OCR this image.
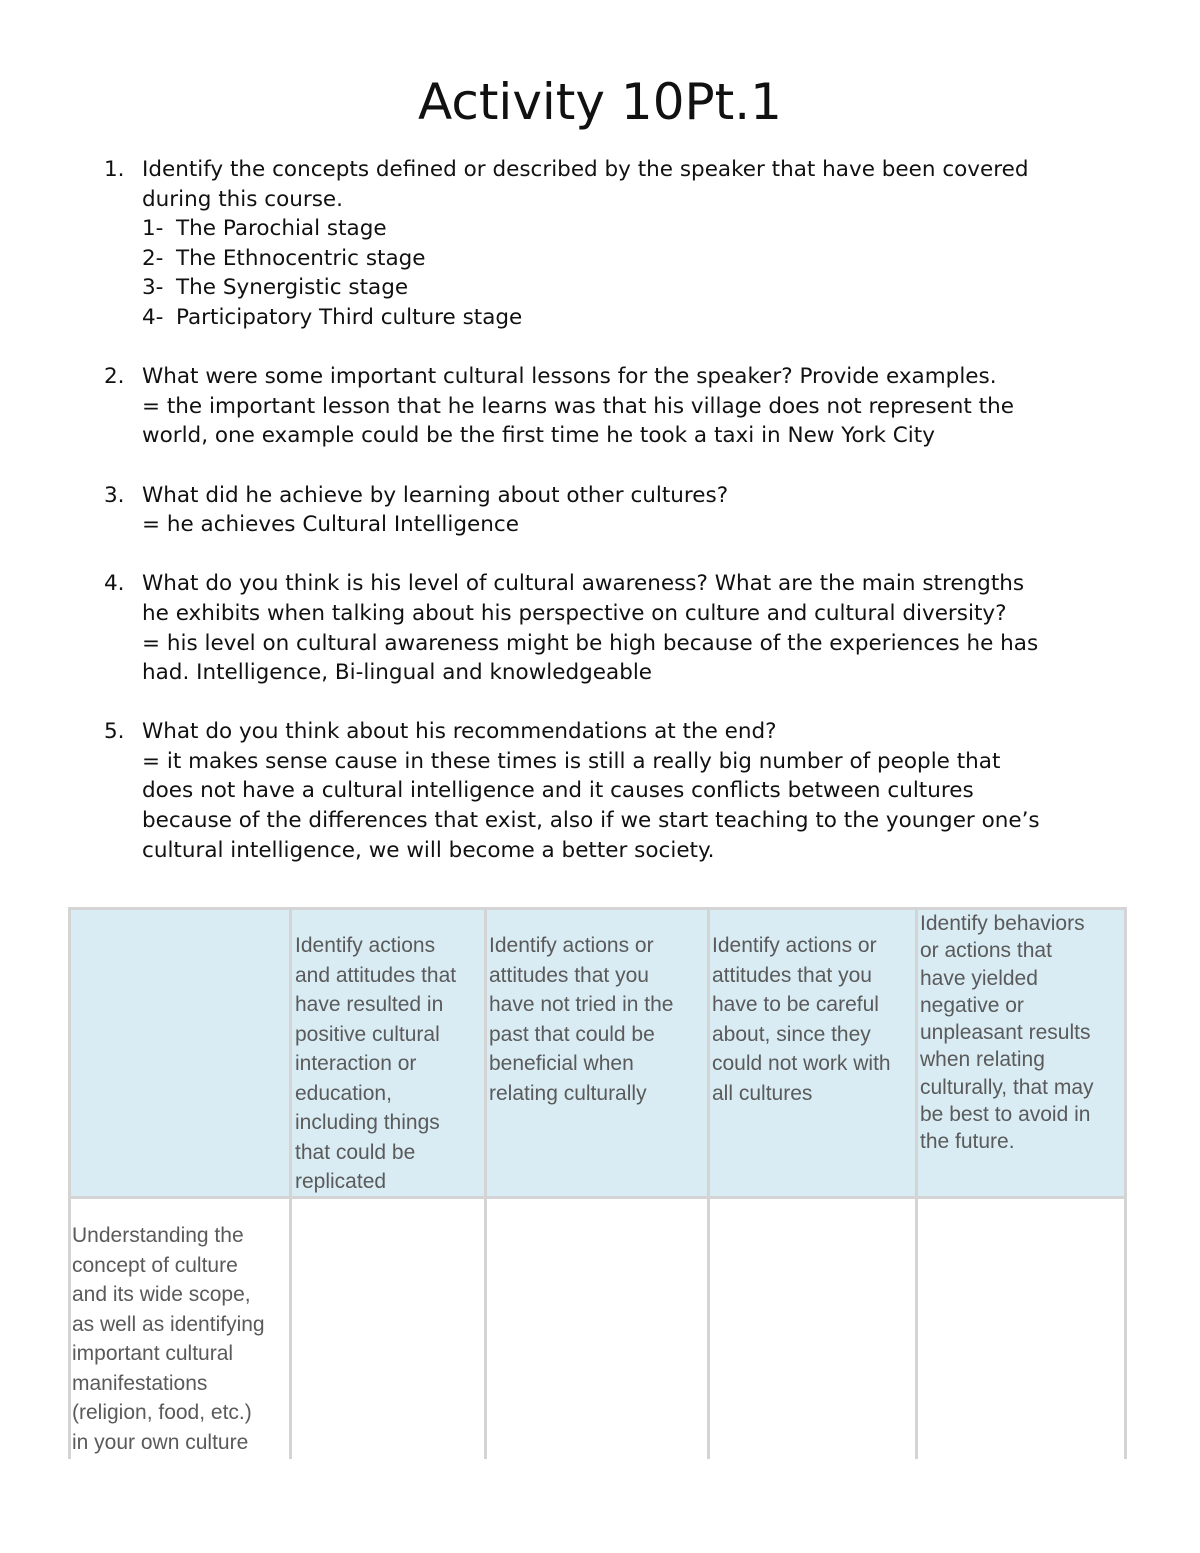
Activity 10Pt.1
1. Identify the concepts defined or described by the speaker that have been covered
during this course.
1- The Parochial stage
2- The Ethnocentric stage
3- The Synergistic stage
4- Participatory Third culture stage
2. What were some important cultural lessons for the speaker? Provide examples.
= the important lesson that he learns was that his village does not represent the
world, one example could be the first time he took a taxi in New York City
3. What did he achieve by learning about other cultures?
= he achieves Cultural Intelligence
4. What do you think is his level of cultural awareness? What are the main strengths
he exhibits when talking about his perspective on culture and cultural diversity?
= his level on cultural awareness might be high because of the experiences he has
had. Intelligence, Bi-lingual and knowledgeable
5. What do you think about his recommendations at the end?
= it makes sense cause in these times is still a really big number of people that
does not have a cultural intelligence and it causes conflicts between cultures
because of the differences that exist, also if we start teaching to the younger one’s
cultural intelligence, we will become a better society.
Identify actions
and attitudes that
have resulted in
positive cultural
interaction or
education,
including things
that could be
replicated
Identify actions or
attitudes that you
have not tried in the
past that could be
beneficial when
relating culturally
Identify actions or
attitudes that you
have to be careful
about, since they
could not work with
all cultures
Identify behaviors
or actions that
have yielded
negative or
unpleasant results
when relating
culturally, that may
be best to avoid in
the future.
Understanding the
concept of culture
and its wide scope,
as well as identifying
important cultural
manifestations
(religion, food, etc.)
in your own culture
